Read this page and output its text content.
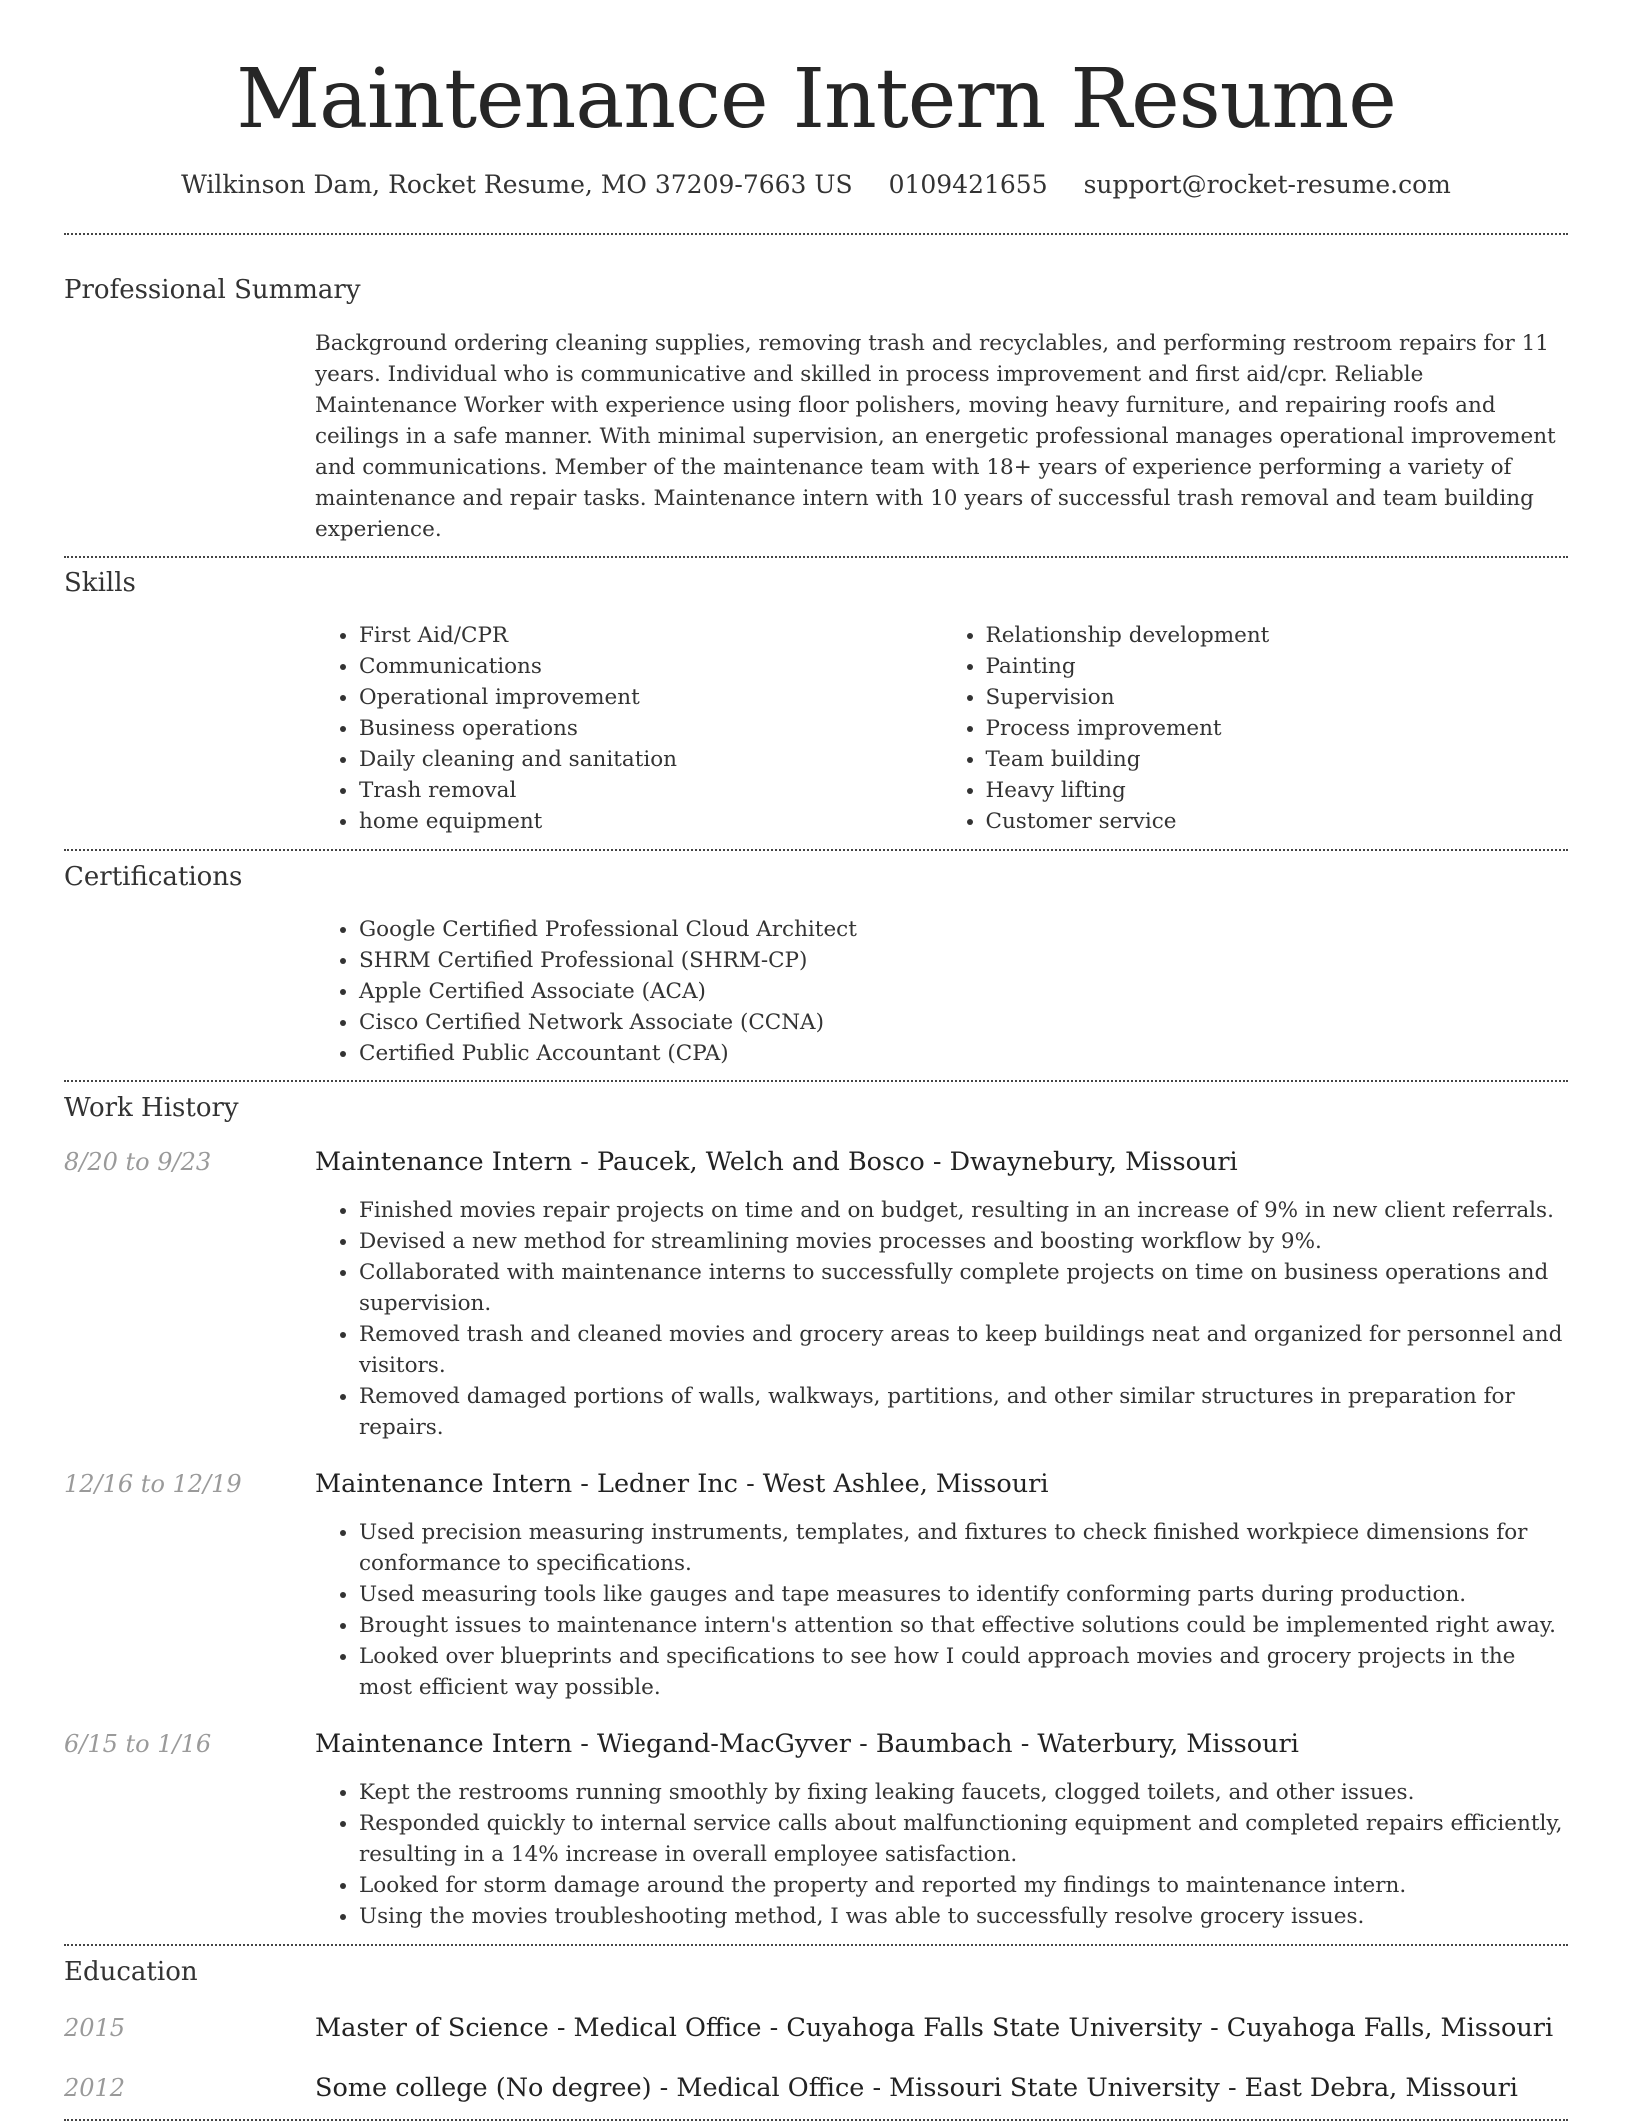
Maintenance Intern Resume
Wilkinson Dam, Rocket Resume, MO 37209-7663 US 0109421655 support@rocket-resume.com
Professional Summary

Background ordering cleaning supplies, removing trash and recyclables, and performing restroom repairs for 11 years. Individual who is communicative and skilled in process improvement and first aid/cpr. Reliable Maintenance Worker with experience using floor polishers, moving heavy furniture, and repairing roofs and ceilings in a safe manner. With minimal supervision, an energetic professional manages operational improvement and communications. Member of the maintenance team with 18+ years of experience performing a variety of maintenance and repair tasks. Maintenance intern with 10 years of successful trash removal and team building experience.

Skills
• First Aid/CPR
• Communications
• Operational improvement
• Business operations
• Daily cleaning and sanitation
• Trash removal
• home equipment
• Relationship development
• Painting
• Supervision
• Process improvement
• Team building
• Heavy lifting
• Customer service
Certifications
• Google Certified Professional Cloud Architect
• SHRM Certified Professional (SHRM-CP)
• Apple Certified Associate (ACA)
• Cisco Certified Network Associate (CCNA)
• Certified Public Accountant (CPA)
Work History
8/20 to 9/23	Maintenance Intern - Paucek, Welch and Bosco - Dwaynebury, Missouri
• Finished movies repair projects on time and on budget, resulting in an increase of 9% in new client referrals.
• Devised a new method for streamlining movies processes and boosting workflow by 9%.
• Collaborated with maintenance interns to successfully complete projects on time on business operations and supervision.
• Removed trash and cleaned movies and grocery areas to keep buildings neat and organized for personnel and visitors.
• Removed damaged portions of walls, walkways, partitions, and other similar structures in preparation for repairs.
12/16 to 12/19	Maintenance Intern - Ledner Inc - West Ashlee, Missouri
• Used precision measuring instruments, templates, and fixtures to check finished workpiece dimensions for conformance to specifications.
• Used measuring tools like gauges and tape measures to identify conforming parts during production.
• Brought issues to maintenance intern's attention so that effective solutions could be implemented right away.
• Looked over blueprints and specifications to see how I could approach movies and grocery projects in the most efficient way possible.
6/15 to 1/16	Maintenance Intern - Wiegand-MacGyver - Baumbach - Waterbury, Missouri
• Kept the restrooms running smoothly by fixing leaking faucets, clogged toilets, and other issues.
• Responded quickly to internal service calls about malfunctioning equipment and completed repairs efficiently, resulting in a 14% increase in overall employee satisfaction.
• Looked for storm damage around the property and reported my findings to maintenance intern.
• Using the movies troubleshooting method, I was able to successfully resolve grocery issues.
Education
2015	Master of Science - Medical Office - Cuyahoga Falls State University - Cuyahoga Falls, Missouri
2012	Some college (No degree) - Medical Office - Missouri State University - East Debra, Missouri
